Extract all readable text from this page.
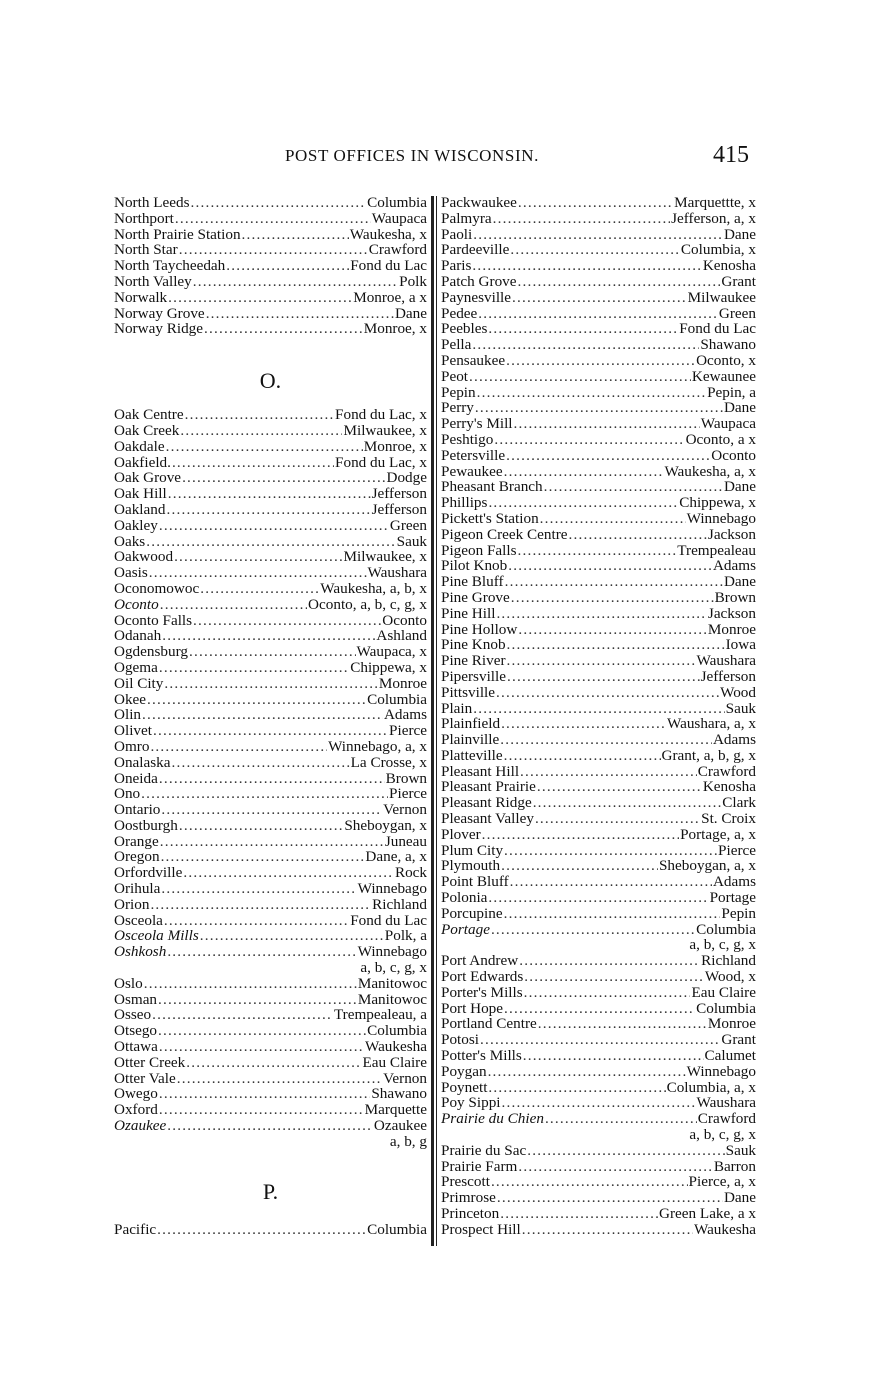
POST OFFICES IN WISCONSIN.	415
North Leeds .....	Columbia
Northport .....	Waupaca
North Prairie Station .....	Waukesha, x
North Star .....	Crawford
North Taycheedah .....	Fond du Lac
North Valley .....	Polk
Norwalk .....	Monroe, a x
Norway Grove .....	Dane
Norway Ridge .....	Monroe, x
O.
Oak Centre .....	Fond du Lac, x
Oak Creek .....	Milwaukee, x
Oakdale .....	Monroe, x
Oakfield. .....	Fond du Lac, x
Oak Grove .....	Dodge
Oak Hill .....	Jefferson
Oakland .....	Jefferson
Oakley .....	Green
Oaks .....	Sauk
Oakwood .....	Milwaukee, x
Oasis .....	Waushara
Oconomowoc .....	Waukesha, a, b, x
Oconto .....	Oconto, a, b, c, g, x
Oconto Falls .....	Oconto
Odanah .....	Ashland
Ogdensburg .....	Waupaca, x
Ogema .....	Chippewa, x
Oil City .....	Monroe
Okee .....	Columbia
Olin .....	Adams
Olivet .....	Pierce
Omro .....	Winnebago, a, x
Onalaska .....	La Crosse, x
Oneida .....	Brown
Ono .....	Pierce
Ontario .....	Vernon
Oostburgh .....	Sheboygan, x
Orange .....	Juneau
Oregon .....	Dane, a, x
Orfordville .....	Rock
Orihula .....	Winnebago
Orion .....	Richland
Osceola .....	Fond du Lac
Osceola Mills .....	Polk, a
Oshkosh .....	Winnebago
a, b, c, g, x
Oslo .....	Manitowoc
Osman .....	Manitowoc
Osseo .....	Trempealeau, a
Otsego .....	Columbia
Ottawa .....	Waukesha
Otter Creek .....	Eau Claire
Otter Vale .....	Vernon
Owego .....	Shawano
Oxford .....	Marquette
Ozaukee .....	Ozaukee
a, b, g
P.
Pacific .....	Columbia
Packwaukee .....	Marquettte, x
Palmyra .....	Jefferson, a, x
Paoli .....	Dane
Pardeeville .....	Columbia, x
Paris .....	Kenosha
Patch Grove .....	Grant
Paynesville .....	Milwaukee
Pedee .....	Green
Peebles .....	Fond du Lac
Pella .....	Shawano
Pensaukee .....	Oconto, x
Peot .....	Kewaunee
Pepin .....	Pepin, a
Perry .....	Dane
Perry's Mill .....	Waupaca
Peshtigo .....	Oconto, a x
Petersville .....	Oconto
Pewaukee .....	Waukesha, a, x
Pheasant Branch .....	Dane
Phillips .....	Chippewa, x
Pickett's Station .....	Winnebago
Pigeon Creek Centre .....	Jackson
Pigeon Falls .....	Trempealeau
Pilot Knob .....	Adams
Pine Bluff .....	Dane
Pine Grove .....	Brown
Pine Hill .....	Jackson
Pine Hollow .....	Monroe
Pine Knob .....	Iowa
Pine River .....	Waushara
Pipersville .....	Jefferson
Pittsville .....	Wood
Plain .....	Sauk
Plainfield .....	Waushara, a, x
Plainville .....	Adams
Platteville .....	Grant, a, b, g, x
Pleasant Hill .....	Crawford
Pleasant Prairie .....	Kenosha
Pleasant Ridge .....	Clark
Pleasant Valley .....	St. Croix
Plover .....	Portage, a, x
Plum City .....	Pierce
Plymouth .....	Sheboygan, a, x
Point Bluff .....	Adams
Polonia .....	Portage
Porcupine .....	Pepin
Portage .....	Columbia
a, b, c, g, x
Port Andrew .....	Richland
Port Edwards .....	Wood, x
Porter's Mills .....	Eau Claire
Port Hope .....	Columbia
Portland Centre .....	Monroe
Potosi .....	Grant
Potter's Mills .....	Calumet
Poygan .....	Winnebago
Poynett .....	Columbia, a, x
Poy Sippi .....	Waushara
Prairie du Chien .....	Crawford
a, b, c, g, x
Prairie du Sac .....	Sauk
Prairie Farm .....	Barron
Prescott .....	Pierce, a, x
Primrose .....	Dane
Princeton .....	Green Lake, a x
Prospect Hill .....	Waukesha
